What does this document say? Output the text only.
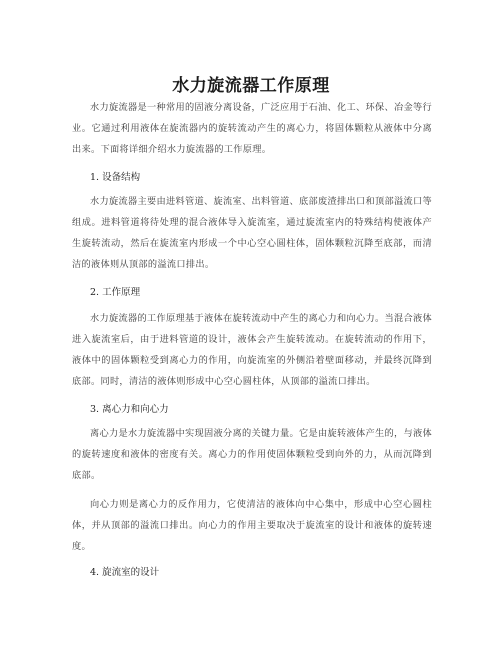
水力旋流器工作原理

水力旋流器是一种常用的固液分离设备，广泛应用于石油、化工、环保、冶金等行业。它通过利用液体在旋流器内的旋转流动产生的离心力，将固体颗粒从液体中分离出来。下面将详细介绍水力旋流器的工作原理。

1. 设备结构

水力旋流器主要由进料管道、旋流室、出料管道、底部废渣排出口和顶部溢流口等组成。进料管道将待处理的混合液体导入旋流室，通过旋流室内的特殊结构使液体产生旋转流动，然后在旋流室内形成一个中心空心圆柱体，固体颗粒沉降至底部，而清洁的液体则从顶部的溢流口排出。

2. 工作原理

水力旋流器的工作原理基于液体在旋转流动中产生的离心力和向心力。当混合液体进入旋流室后，由于进料管道的设计，液体会产生旋转流动。在旋转流动的作用下，液体中的固体颗粒受到离心力的作用，向旋流室的外侧沿着壁面移动，并最终沉降到底部。同时，清洁的液体则形成中心空心圆柱体，从顶部的溢流口排出。

3. 离心力和向心力

离心力是水力旋流器中实现固液分离的关键力量。它是由旋转液体产生的，与液体的旋转速度和液体的密度有关。离心力的作用使固体颗粒受到向外的力，从而沉降到底部。

向心力则是离心力的反作用力，它使清洁的液体向中心集中，形成中心空心圆柱体，并从顶部的溢流口排出。向心力的作用主要取决于旋流室的设计和液体的旋转速度。

4. 旋流室的设计
